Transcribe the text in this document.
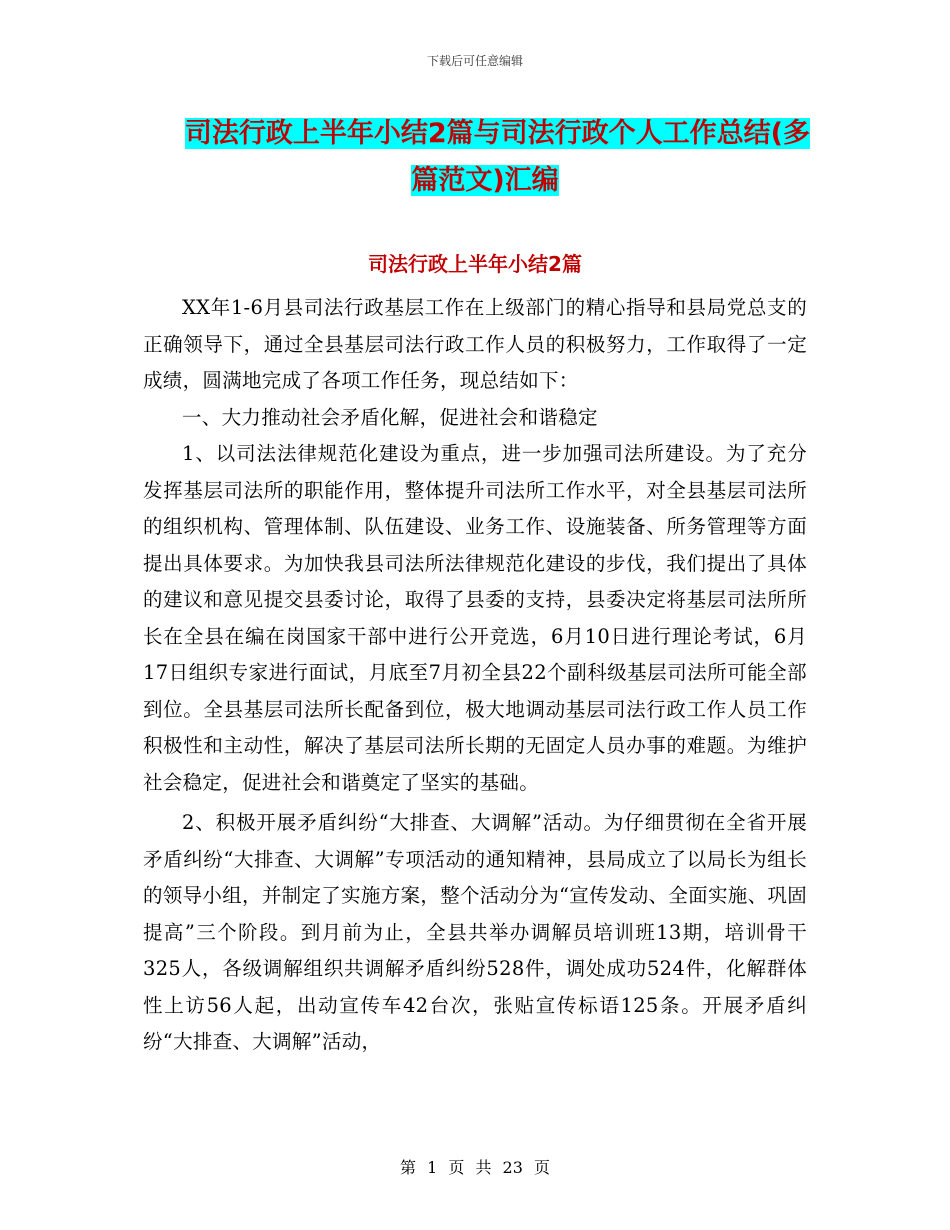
下载后可任意编辑
司法行政上半年小结2篇与司法行政个人工作总结(多
篇范文)汇编
司法行政上半年小结2篇

XX年1-6月县司法行政基层工作在上级部门的精心指导和县局党总支的正确领导下，通过全县基层司法行政工作人员的积极努力，工作取得了一定成绩，圆满地完成了各项工作任务，现总结如下：

一、大力推动社会矛盾化解，促进社会和谐稳定

1、以司法法律规范化建设为重点，进一步加强司法所建设。为了充分发挥基层司法所的职能作用，整体提升司法所工作水平，对全县基层司法所的组织机构、管理体制、队伍建设、业务工作、设施装备、所务管理等方面提出具体要求。为加快我县司法所法律规范化建设的步伐，我们提出了具体的建议和意见提交县委讨论，取得了县委的支持，县委决定将基层司法所所长在全县在编在岗国家干部中进行公开竞选，6月10日进行理论考试，6月17日组织专家进行面试，月底至7月初全县22个副科级基层司法所可能全部到位。全县基层司法所长配备到位，极大地调动基层司法行政工作人员工作积极性和主动性，解决了基层司法所长期的无固定人员办事的难题。为维护社会稳定，促进社会和谐奠定了坚实的基础。

2、积极开展矛盾纠纷“大排查、大调解”活动。为仔细贯彻在全省开展矛盾纠纷“大排查、大调解”专项活动的通知精神，县局成立了以局长为组长的领导小组，并制定了实施方案，整个活动分为“宣传发动、全面实施、巩固提高”三个阶段。到月前为止，全县共举办调解员培训班13期，培训骨干325人，各级调解组织共调解矛盾纠纷528件，调处成功524件，化解群体性上访56人起，出动宣传车42台次，张贴宣传标语125条。开展矛盾纠纷“大排查、大调解”活动，

第 1 页 共 23 页
